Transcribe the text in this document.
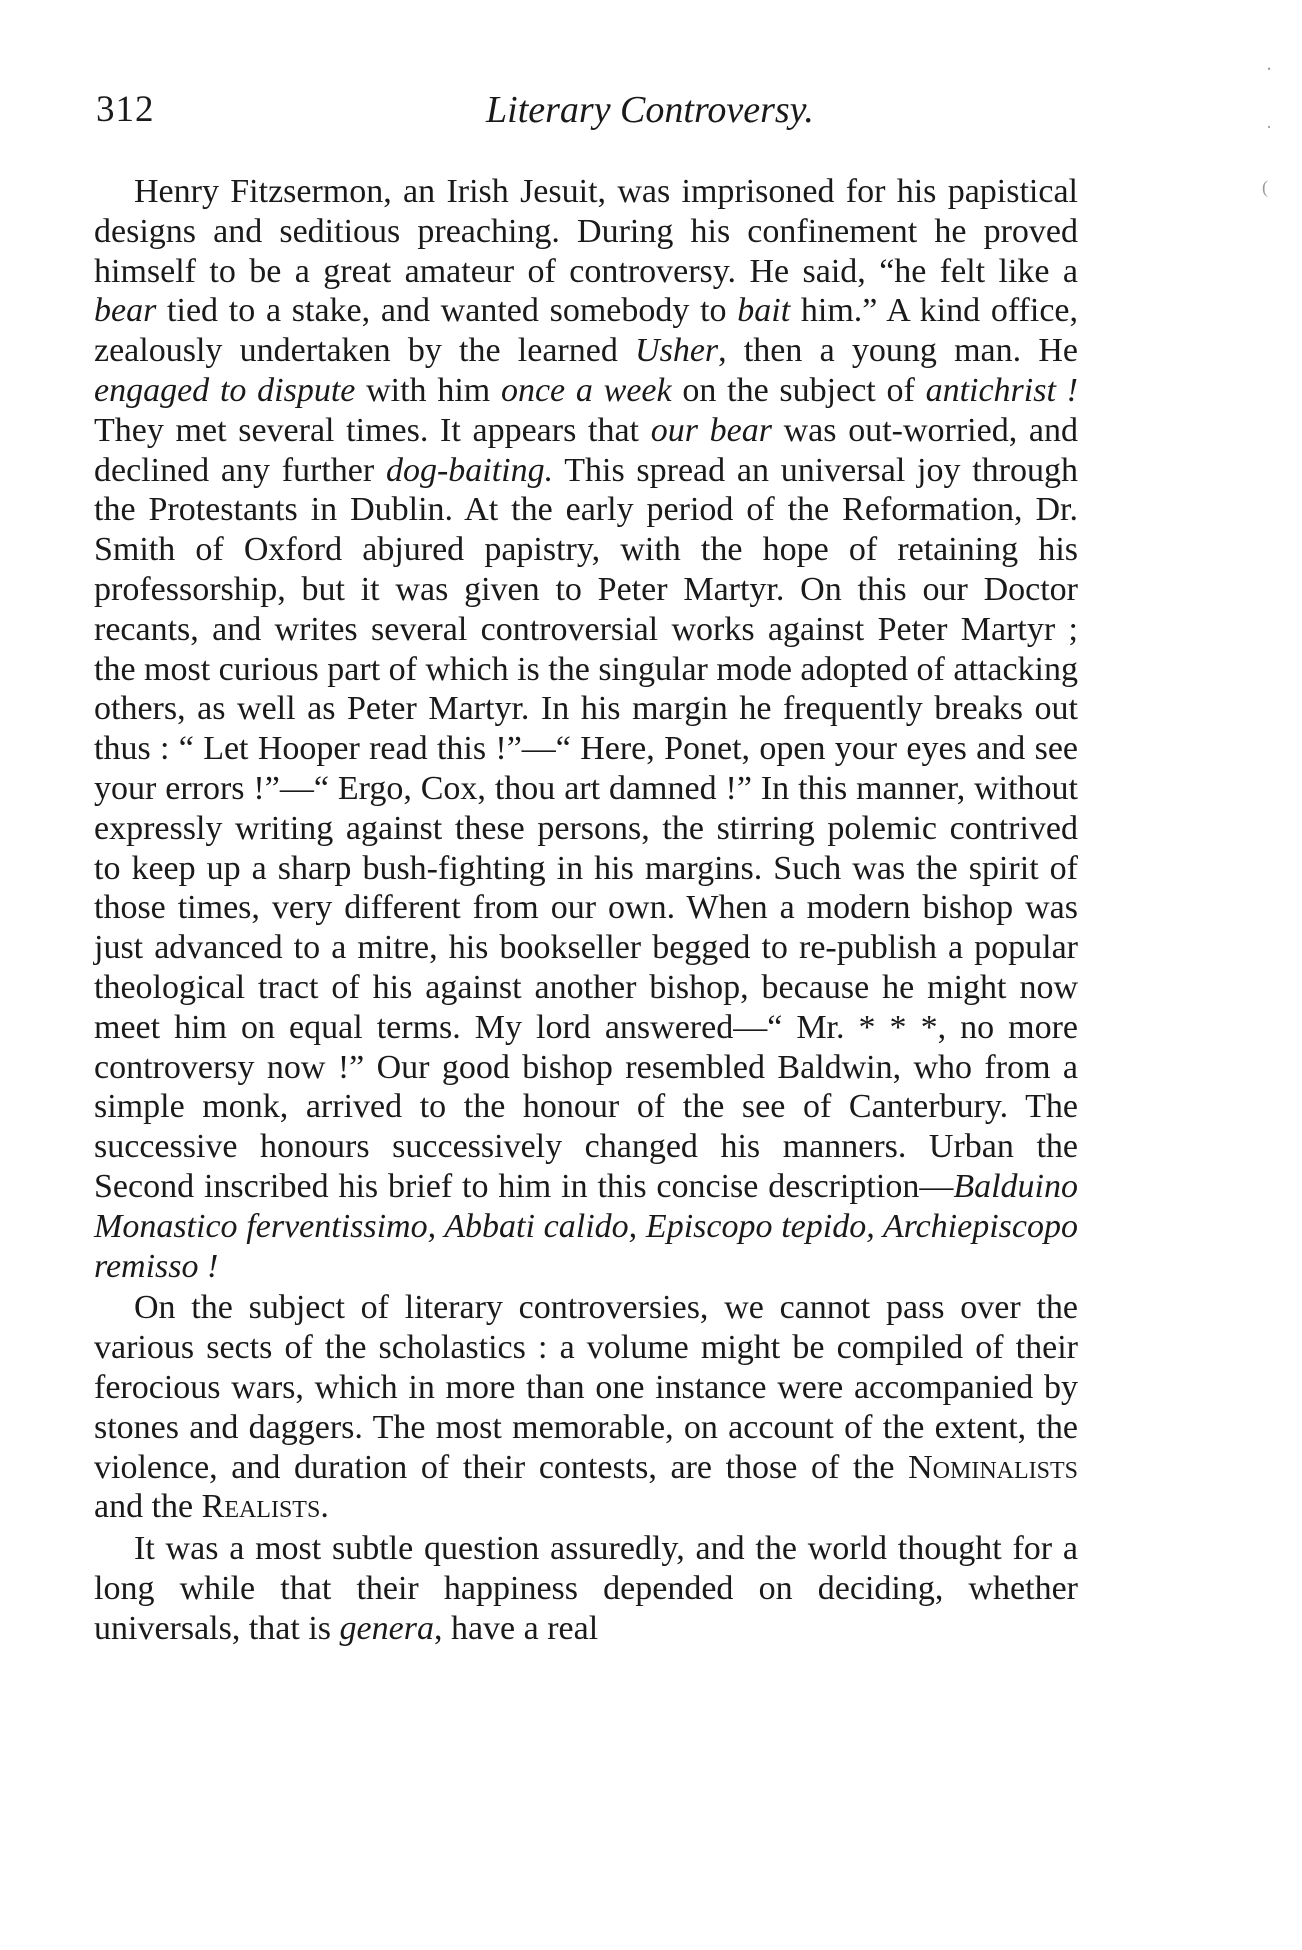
312	Literary Controversy.

Henry Fitzsermon, an Irish Jesuit, was imprisoned for his papistical designs and seditious preaching. During his confinement he proved himself to be a great amateur of controversy. He said, “he felt like a bear tied to a stake, and wanted somebody to bait him.” A kind office, zealously undertaken by the learned Usher, then a young man. He engaged to dispute with him once a week on the subject of antichrist ! They met several times. It appears that our bear was out-worried, and declined any further dog-baiting. This spread an universal joy through the Protestants in Dublin. At the early period of the Reformation, Dr. Smith of Oxford abjured papistry, with the hope of retaining his professorship, but it was given to Peter Martyr. On this our Doctor recants, and writes several controversial works against Peter Martyr ; the most curious part of which is the singular mode adopted of attacking others, as well as Peter Martyr. In his margin he frequently breaks out thus : “ Let Hooper read this !”—“ Here, Ponet, open your eyes and see your errors !”—“ Ergo, Cox, thou art damned !” In this manner, without expressly writing against these persons, the stirring polemic contrived to keep up a sharp bush-fighting in his margins. Such was the spirit of those times, very different from our own. When a modern bishop was just advanced to a mitre, his bookseller begged to re-publish a popular theological tract of his against another bishop, because he might now meet him on equal terms. My lord answered—“ Mr. * * *, no more controversy now !” Our good bishop resembled Baldwin, who from a simple monk, arrived to the honour of the see of Canterbury. The successive honours successively changed his manners. Urban the Second inscribed his brief to him in this concise description—Balduino Monastico ferventissimo, Abbati calido, Episcopo tepido, Archiepiscopo remisso !

On the subject of literary controversies, we cannot pass over the various sects of the scholastics : a volume might be compiled of their ferocious wars, which in more than one instance were accompanied by stones and daggers. The most memorable, on account of the extent, the violence, and duration of their contests, are those of the Nominalists and the Realists.

It was a most subtle question assuredly, and the world thought for a long while that their happiness depended on deciding, whether universals, that is genera, have a real

⋅
·
(
